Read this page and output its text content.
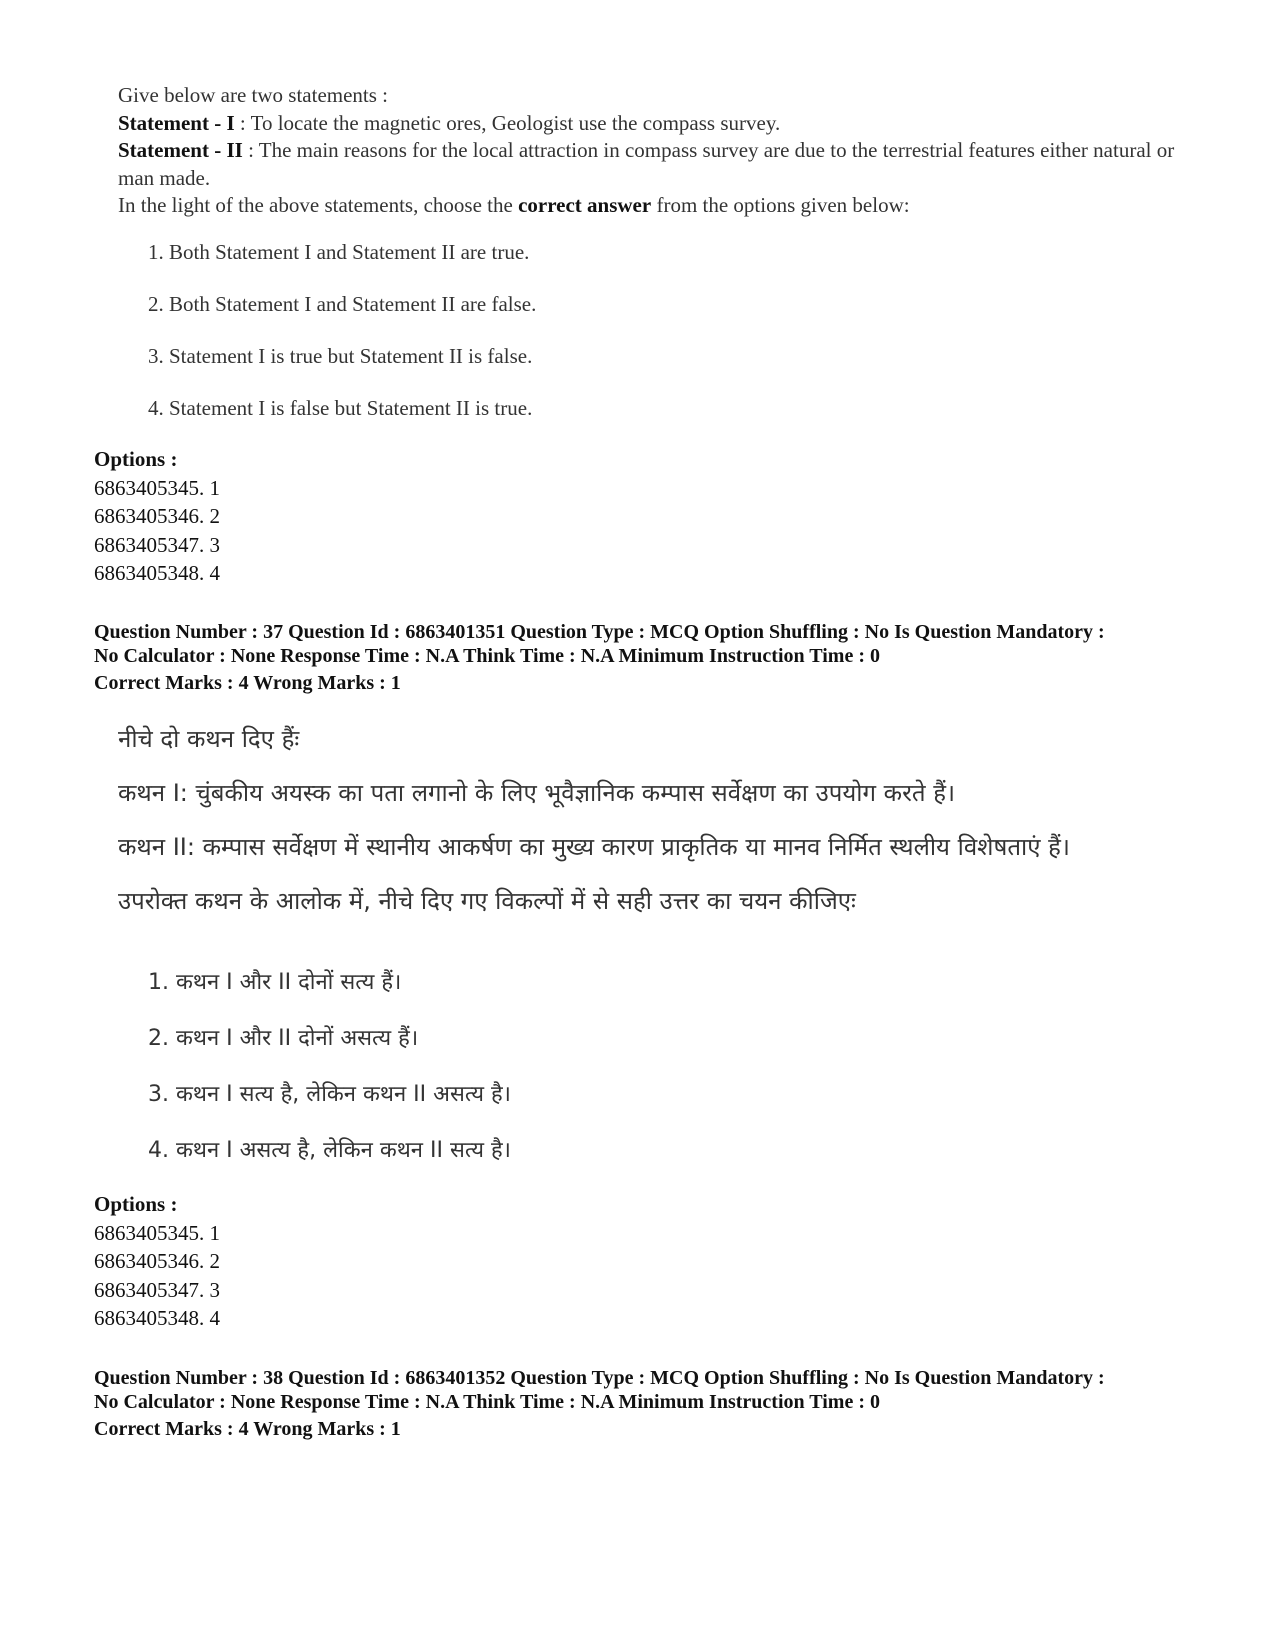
Give below are two statements :

Statement - I : To locate the magnetic ores, Geologist use the compass survey.

Statement - II : The main reasons for the local attraction in compass survey are due to the terrestrial features either natural or man made.

In the light of the above statements, choose the correct answer from the options given below:

1. Both Statement I and Statement II are true.
2. Both Statement I and Statement II are false.
3. Statement I is true but Statement II is false.
4. Statement I is false but Statement II is true.
Options :
6863405345. 1
6863405346. 2
6863405347. 3
6863405348. 4
Question Number : 37 Question Id : 6863401351 Question Type : MCQ Option Shuffling : No Is Question Mandatory :
No Calculator : None Response Time : N.A Think Time : N.A Minimum Instruction Time : 0
Correct Marks : 4 Wrong Marks : 1
नीचे दो कथन दिए हैंः
कथन I: चुंबकीय अयस्क का पता लगानो के लिए भूवैज्ञानिक कम्पास सर्वेक्षण का उपयोग करते हैं।
कथन II: कम्पास सर्वेक्षण में स्थानीय आकर्षण का मुख्य कारण प्राकृतिक या मानव निर्मित स्थलीय विशेषताएं हैं।
उपरोक्त कथन के आलोक में, नीचे दिए गए विकल्पों में से सही उत्तर का चयन कीजिएः
1. कथन I और II दोनों सत्य हैं।
2. कथन I और II दोनों असत्य हैं।
3. कथन I सत्य है, लेकिन कथन II असत्य है।
4. कथन I असत्य है, लेकिन कथन II सत्य है।
Options :
6863405345. 1
6863405346. 2
6863405347. 3
6863405348. 4
Question Number : 38 Question Id : 6863401352 Question Type : MCQ Option Shuffling : No Is Question Mandatory :
No Calculator : None Response Time : N.A Think Time : N.A Minimum Instruction Time : 0
Correct Marks : 4 Wrong Marks : 1
